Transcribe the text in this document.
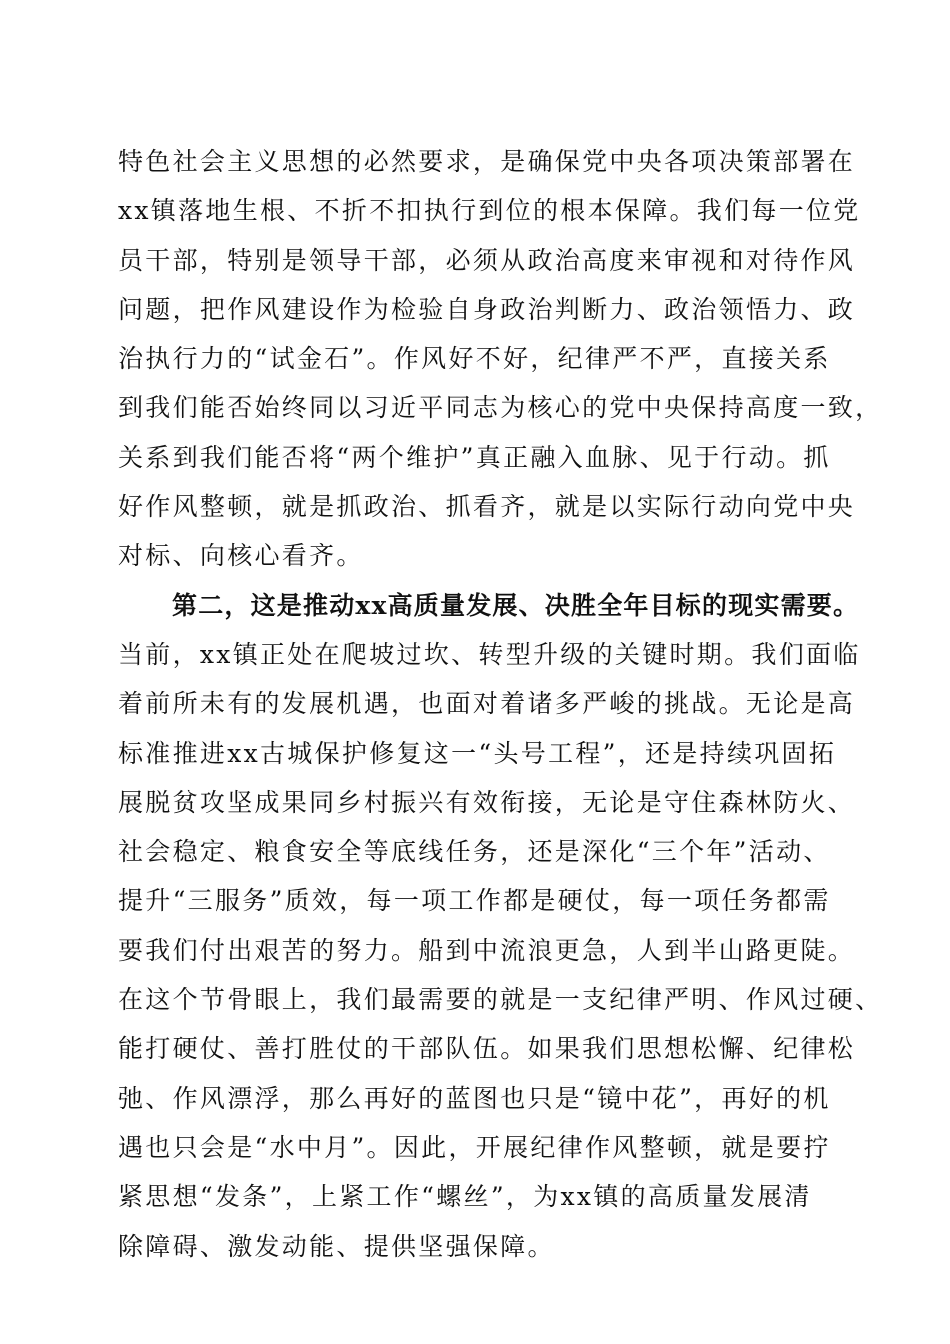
特色社会主义思想的必然要求，是确保党中央各项决策部署在
xx镇落地生根、不折不扣执行到位的根本保障。我们每一位党
员干部，特别是领导干部，必须从政治高度来审视和对待作风
问题，把作风建设作为检验自身政治判断力、政治领悟力、政
治执行力的“试金石”。作风好不好，纪律严不严，直接关系
到我们能否始终同以习近平同志为核心的党中央保持高度一致，
关系到我们能否将“两个维护”真正融入血脉、见于行动。抓
好作风整顿，就是抓政治、抓看齐，就是以实际行动向党中央
对标、向核心看齐。
第二，这是推动xx高质量发展、决胜全年目标的现实需要。
当前，xx镇正处在爬坡过坎、转型升级的关键时期。我们面临
着前所未有的发展机遇，也面对着诸多严峻的挑战。无论是高
标准推进xx古城保护修复这一“头号工程”，还是持续巩固拓
展脱贫攻坚成果同乡村振兴有效衔接，无论是守住森林防火、
社会稳定、粮食安全等底线任务，还是深化“三个年”活动、
提升“三服务”质效，每一项工作都是硬仗，每一项任务都需
要我们付出艰苦的努力。船到中流浪更急，人到半山路更陡。
在这个节骨眼上，我们最需要的就是一支纪律严明、作风过硬、
能打硬仗、善打胜仗的干部队伍。如果我们思想松懈、纪律松
弛、作风漂浮，那么再好的蓝图也只是“镜中花”，再好的机
遇也只会是“水中月”。因此，开展纪律作风整顿，就是要拧
紧思想“发条”，上紧工作“螺丝”，为xx镇的高质量发展清
除障碍、激发动能、提供坚强保障。
